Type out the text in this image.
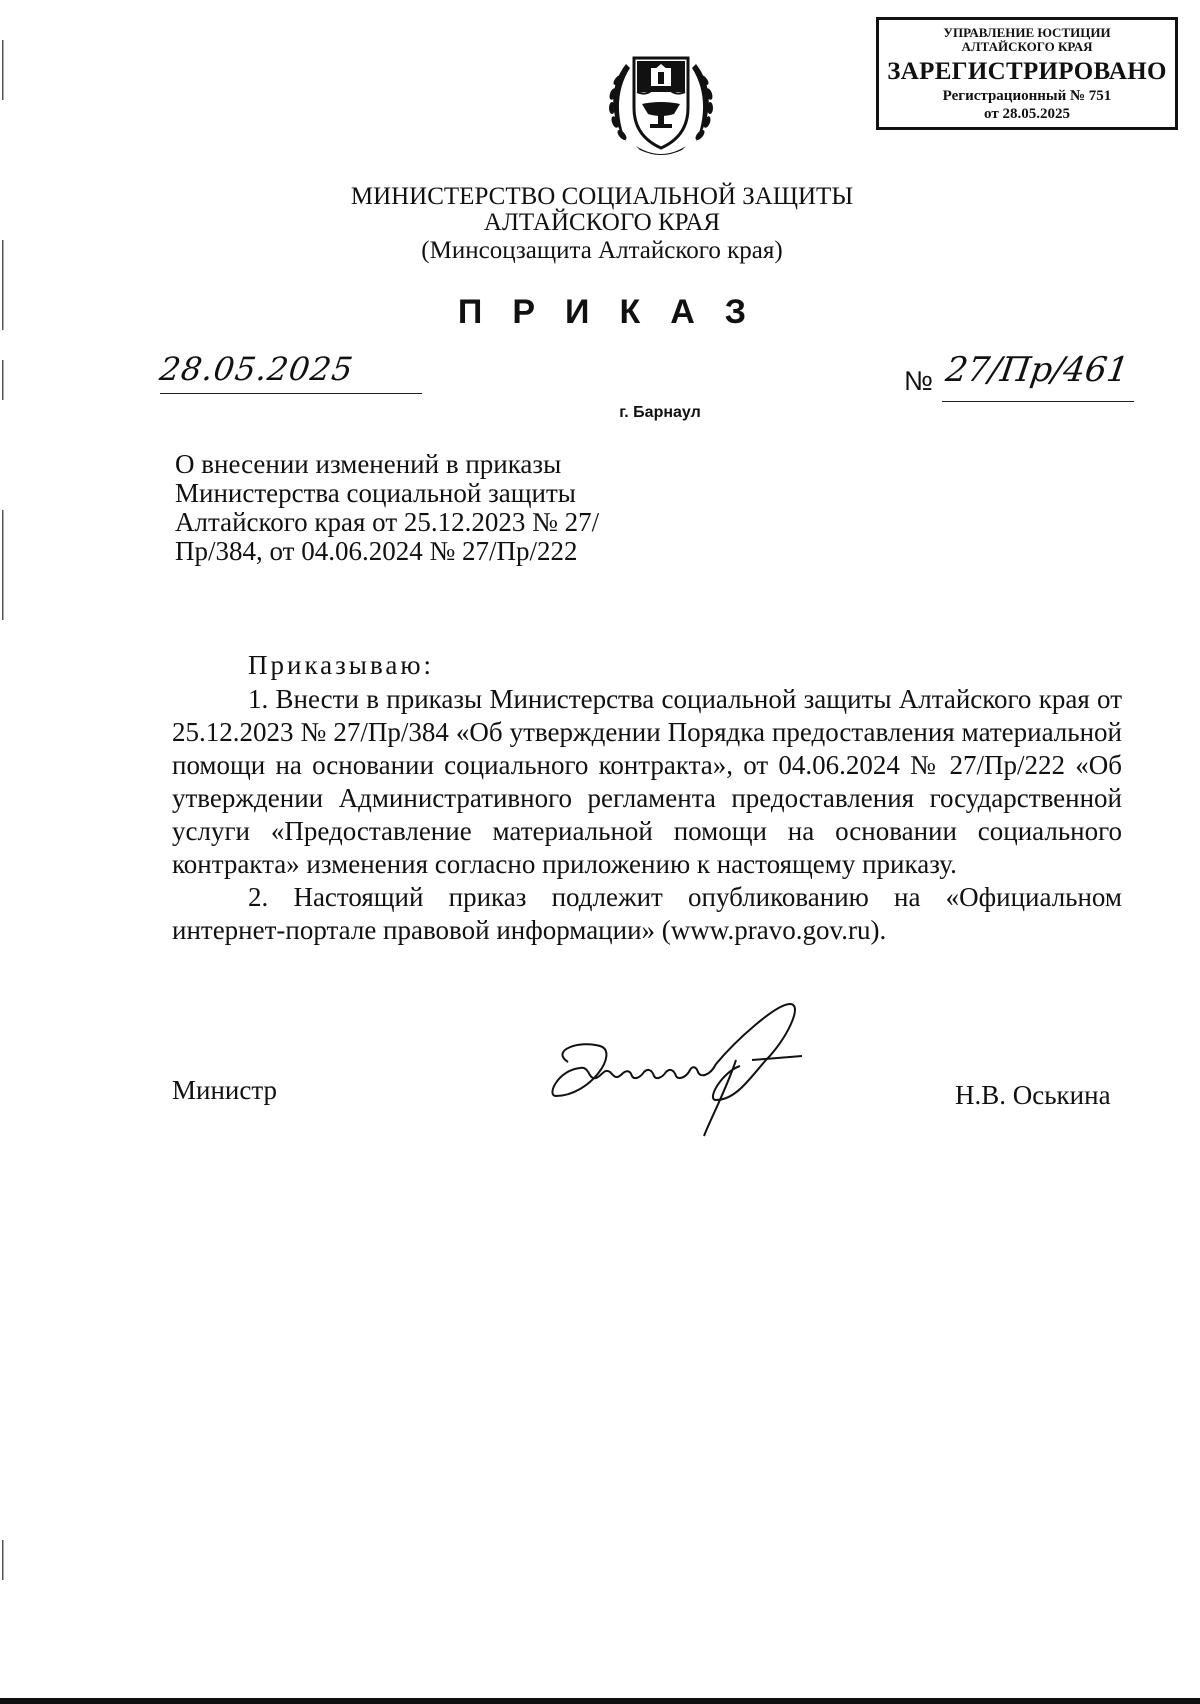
УПРАВЛЕНИЕ ЮСТИЦИИ
АЛТАЙСКОГО КРАЯ
ЗАРЕГИСТРИРОВАНО
Регистрационный № 751
от 28.05.2025
МИНИСТЕРСТВО СОЦИАЛЬНОЙ ЗАЩИТЫ
АЛТАЙСКОГО КРАЯ
(Минсоцзащита Алтайского края)
ПРИКАЗ
28.05.2025	№ 27/Пр/461
г. Барнаул
О внесении изменений в приказы Министерства социальной защиты Алтайского края от 25.12.2023 № 27/Пр/384, от 04.06.2024 № 27/Пр/222

Приказываю:

1. Внести в приказы Министерства социальной защиты Алтайского края от 25.12.2023 № 27/Пр/384 «Об утверждении Порядка предоставления материальной помощи на основании социального контракта», от 04.06.2024 № 27/Пр/222 «Об утверждении Административного регламента предоставления государственной услуги «Предоставление материальной помощи на основании социального контракта» изменения согласно приложению к настоящему приказу.

2. Настоящий приказ подлежит опубликованию на «Официальном интернет-портале правовой информации» (www.pravo.gov.ru).

Министр	Н.В. Оськина
